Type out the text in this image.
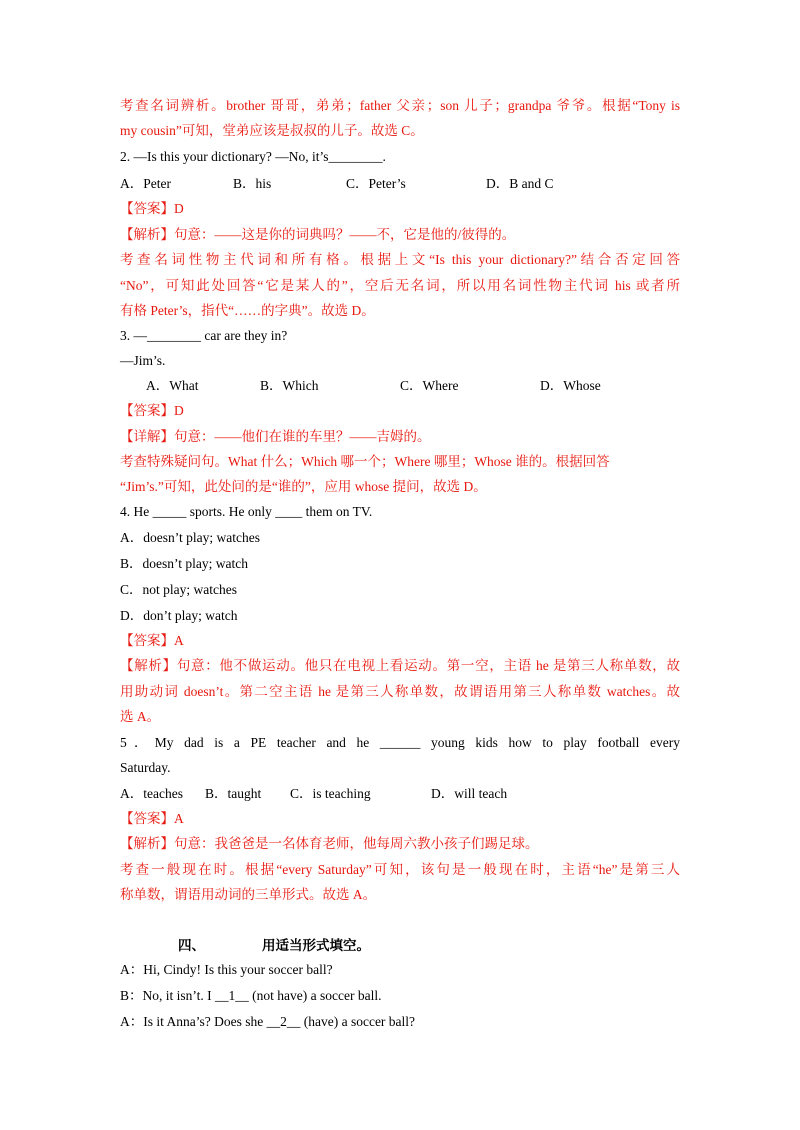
考查名词辨析。brother 哥哥，弟弟；father 父亲；son 儿子；grandpa 爷爷。根据“Tony is
my cousin”可知，堂弟应该是叔叔的儿子。故选 C。
2. —Is this your dictionary? —No, it’s________.
A．Peter	B．his	C．Peter’s	D．B and C
【答案】D
【解析】句意：——这是你的词典吗？——不，它是他的/彼得的。
考查名词性物主代词和所有格。根据上文“Is this your dictionary?”结合否定回答
“No”，可知此处回答“它是某人的”，空后无名词，所以用名词性物主代词 his 或者所
有格 Peter’s，指代“……的字典”。故选 D。
3. —________ car are they in?
—Jim’s.
A．What	B．Which	C．Where	D．Whose
【答案】D
【详解】句意：——他们在谁的车里？——吉姆的。
考查特殊疑问句。What 什么；Which 哪一个；Where 哪里；Whose 谁的。根据回答
“Jim’s.”可知，此处问的是“谁的”，应用 whose 提问，故选 D。
4. He _____ sports. He only ____ them on TV.
A．doesn’t play; watches
B．doesn’t play; watch
C．not play; watches
D．don’t play; watch
【答案】A
【解析】句意：他不做运动。他只在电视上看运动。第一空，主语 he 是第三人称单数，故
用助动词 doesn’t。第二空主语 he 是第三人称单数，故谓语用第三人称单数 watches。故
选 A。
5．My dad is a PE teacher and he ______ young kids how to play football every
Saturday.
A．teaches B．taught C．is teaching	D．will teach
【答案】A
【解析】句意：我爸爸是一名体育老师，他每周六教小孩子们踢足球。
考查一般现在时。根据“every Saturday”可知，该句是一般现在时，主语“he”是第三人
称单数，谓语用动词的三单形式。故选 A。
四、	用适当形式填空。
A：Hi, Cindy! Is this your soccer ball?
B：No, it isn’t. I __1__ (not have) a soccer ball.
A：Is it Anna’s? Does she __2__ (have) a soccer ball?
